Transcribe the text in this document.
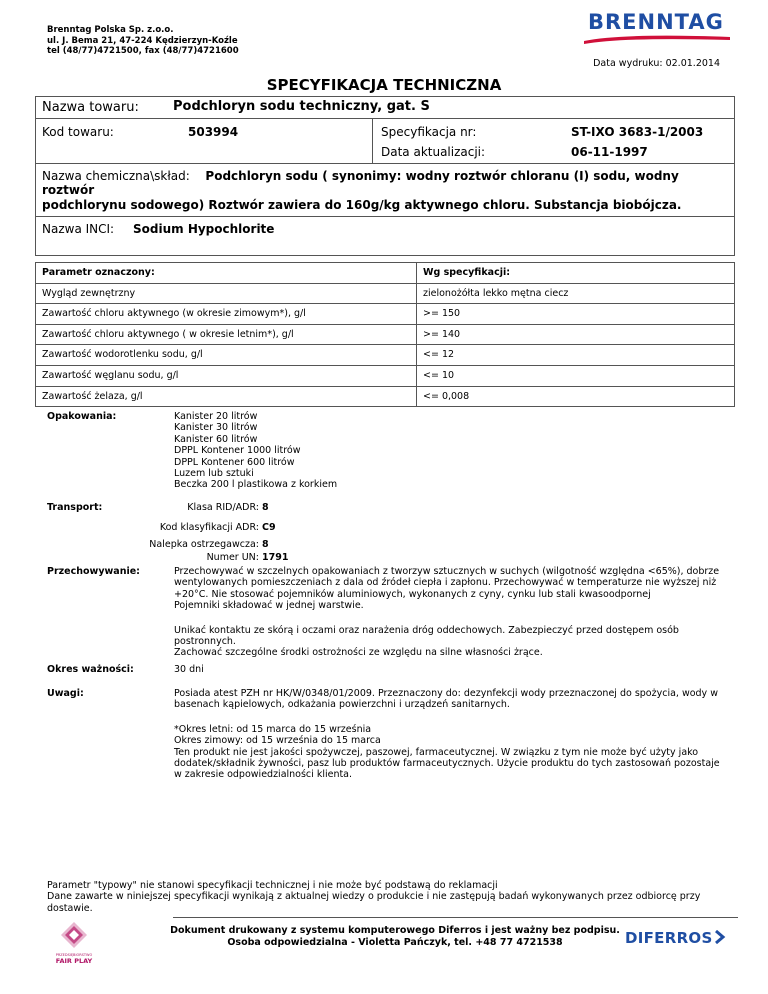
Brenntag Polska Sp. z.o.o.
ul. J. Bema 21, 47-224 Kędzierzyn-Koźle
tel (48/77)4721500, fax (48/77)4721600
BRENNTAG
Data wydruku: 02.01.2014
SPECYFIKACJA TECHNICZNA
Nazwa towaru:	Podchloryn sodu techniczny, gat. S
Kod towaru:	503994	Specyfikacja nr:	ST-IXO 3683-1/2003
Data aktualizacji:	06-11-1997
Nazwa chemiczna\skład: Podchloryn sodu ( synonimy: wodny roztwór chloranu (I) sodu, wodny roztwór
podchlorynu sodowego) Roztwór zawiera do 160g/kg aktywnego chloru. Substancja biobójcza.
Nazwa INCI: Sodium Hypochlorite
Parametr oznaczony:	Wg specyfikacji:
Wygląd zewnętrzny	zielonożółta lekko mętna ciecz
Zawartość chloru aktywnego (w okresie zimowym*), g/l	>= 150
Zawartość chloru aktywnego ( w okresie letnim*), g/l	>= 140
Zawartość wodorotlenku sodu, g/l	<= 12
Zawartość węglanu sodu, g/l	<= 10
Zawartość żelaza, g/l	<= 0,008
Opakowania:	Kanister 20 litrów
Kanister 30 litrów
Kanister 60 litrów
DPPL Kontener 1000 litrów
DPPL Kontener 600 litrów
Luzem lub sztuki
Beczka 200 l plastikowa z korkiem
Transport:	Klasa RID/ADR: 8
Kod klasyfikacji ADR: C9
Nalepka ostrzegawcza: 8
Numer UN: 1791
Przechowywanie:	Przechowywać w szczelnych opakowaniach z tworzyw sztucznych w suchych (wilgotność względna <65%), dobrze wentylowanych pomieszczeniach z dala od źródeł ciepła i zapłonu. Przechowywać w temperaturze nie wyższej niż +20°C. Nie stosować pojemników aluminiowych, wykonanych z cyny, cynku lub stali kwasoodpornej
Pojemniki składować w jednej warstwie.
Unikać kontaktu ze skórą i oczami oraz narażenia dróg oddechowych. Zabezpieczyć przed dostępem osób postronnych.
Zachować szczególne środki ostrożności ze względu na silne własności żrące.
Okres ważności:	30 dni
Uwagi:	Posiada atest PZH nr HK/W/0348/01/2009. Przeznaczony do: dezynfekcji wody przeznaczonej do spożycia, wody w basenach kąpielowych, odkażania powierzchni i urządzeń sanitarnych.
*Okres letni: od 15 marca do 15 września
Okres zimowy: od 15 września do 15 marca
Ten produkt nie jest jakości spożywczej, paszowej, farmaceutycznej. W związku z tym nie może być użyty jako dodatek/składnik żywności, pasz lub produktów farmaceutycznych. Użycie produktu do tych zastosowań pozostaje w zakresie odpowiedzialności klienta.
Parametr "typowy" nie stanowi specyfikacji technicznej i nie może być podstawą do reklamacji
Dane zawarte w niniejszej specyfikacji wynikają z aktualnej wiedzy o produkcie i nie zastępują badań wykonywanych przez odbiorcę przy dostawie.
PRZEDSIĘBIORSTWO
FAIR PLAY
Dokument drukowany z systemu komputerowego Diferros i jest ważny bez podpisu.
Osoba odpowiedzialna - Violetta Pańczyk, tel. +48 77 4721538	DIFERROS
